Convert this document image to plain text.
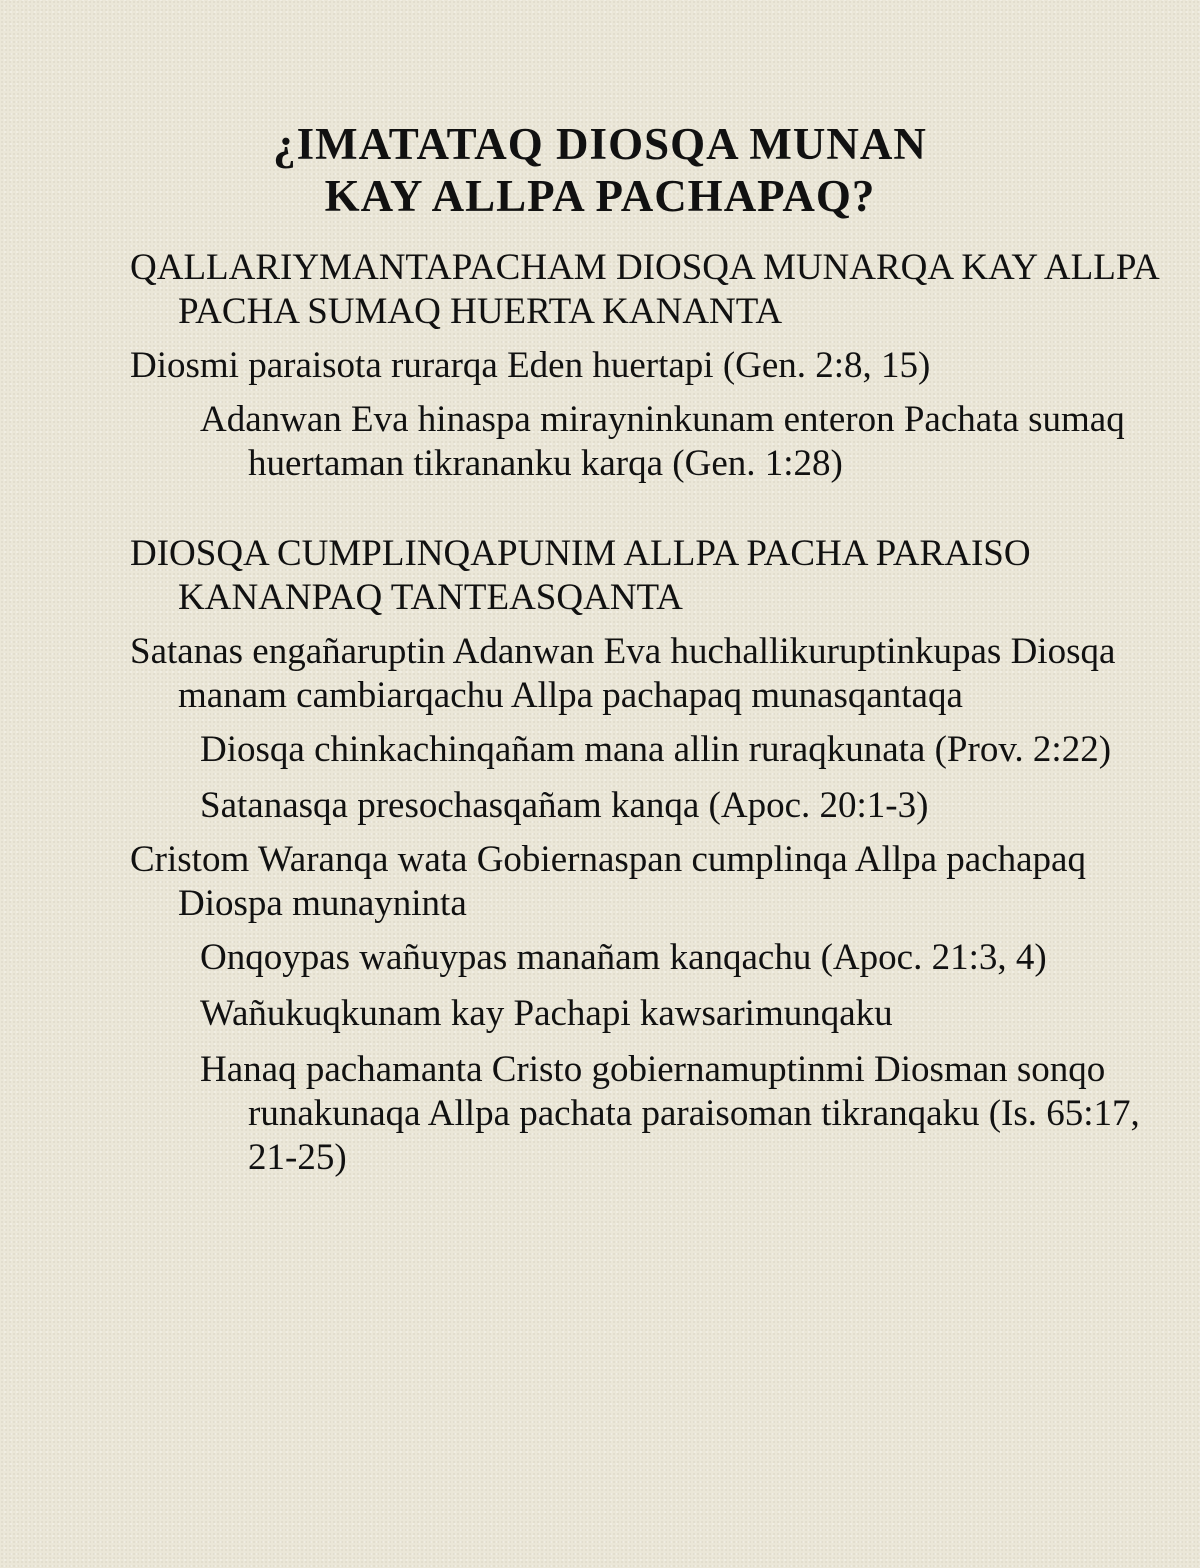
¿IMATATAQ DIOSQA MUNAN
KAY ALLPA PACHAPAQ?
QALLARIYMANTAPACHAM DIOSQA MUNARQA KAY ALLPA PACHA SUMAQ HUERTA KANANTA
Diosmi paraisota rurarqa Eden huertapi (Gen. 2:8, 15)
Adanwan Eva hinaspa mirayninkunam enteron Pachata sumaq huertaman tikrananku karqa (Gen. 1:28)
DIOSQA CUMPLINQAPUNIM ALLPA PACHA PARAISO KANANPAQ TANTEASQANTA
Satanas engañaruptin Adanwan Eva huchallikuruptinkupas Diosqa manam cambiarqachu Allpa pachapaq munasqantaqa
Diosqa chinkachinqañam mana allin ruraqkunata (Prov. 2:22)
Satanasqa presochasqañam kanqa (Apoc. 20:1-3)
Cristom Waranqa wata Gobiernaspan cumplinqa Allpa pachapaq Diospa munayninta
Onqoypas wañuypas manañam kanqachu (Apoc. 21:3, 4)
Wañukuqkunam kay Pachapi kawsarimunqaku
Hanaq pachamanta Cristo gobiernamuptinmi Diosman sonqo runakunaqa Allpa pachata paraisoman tikranqaku (Is. 65:17, 21-25)
